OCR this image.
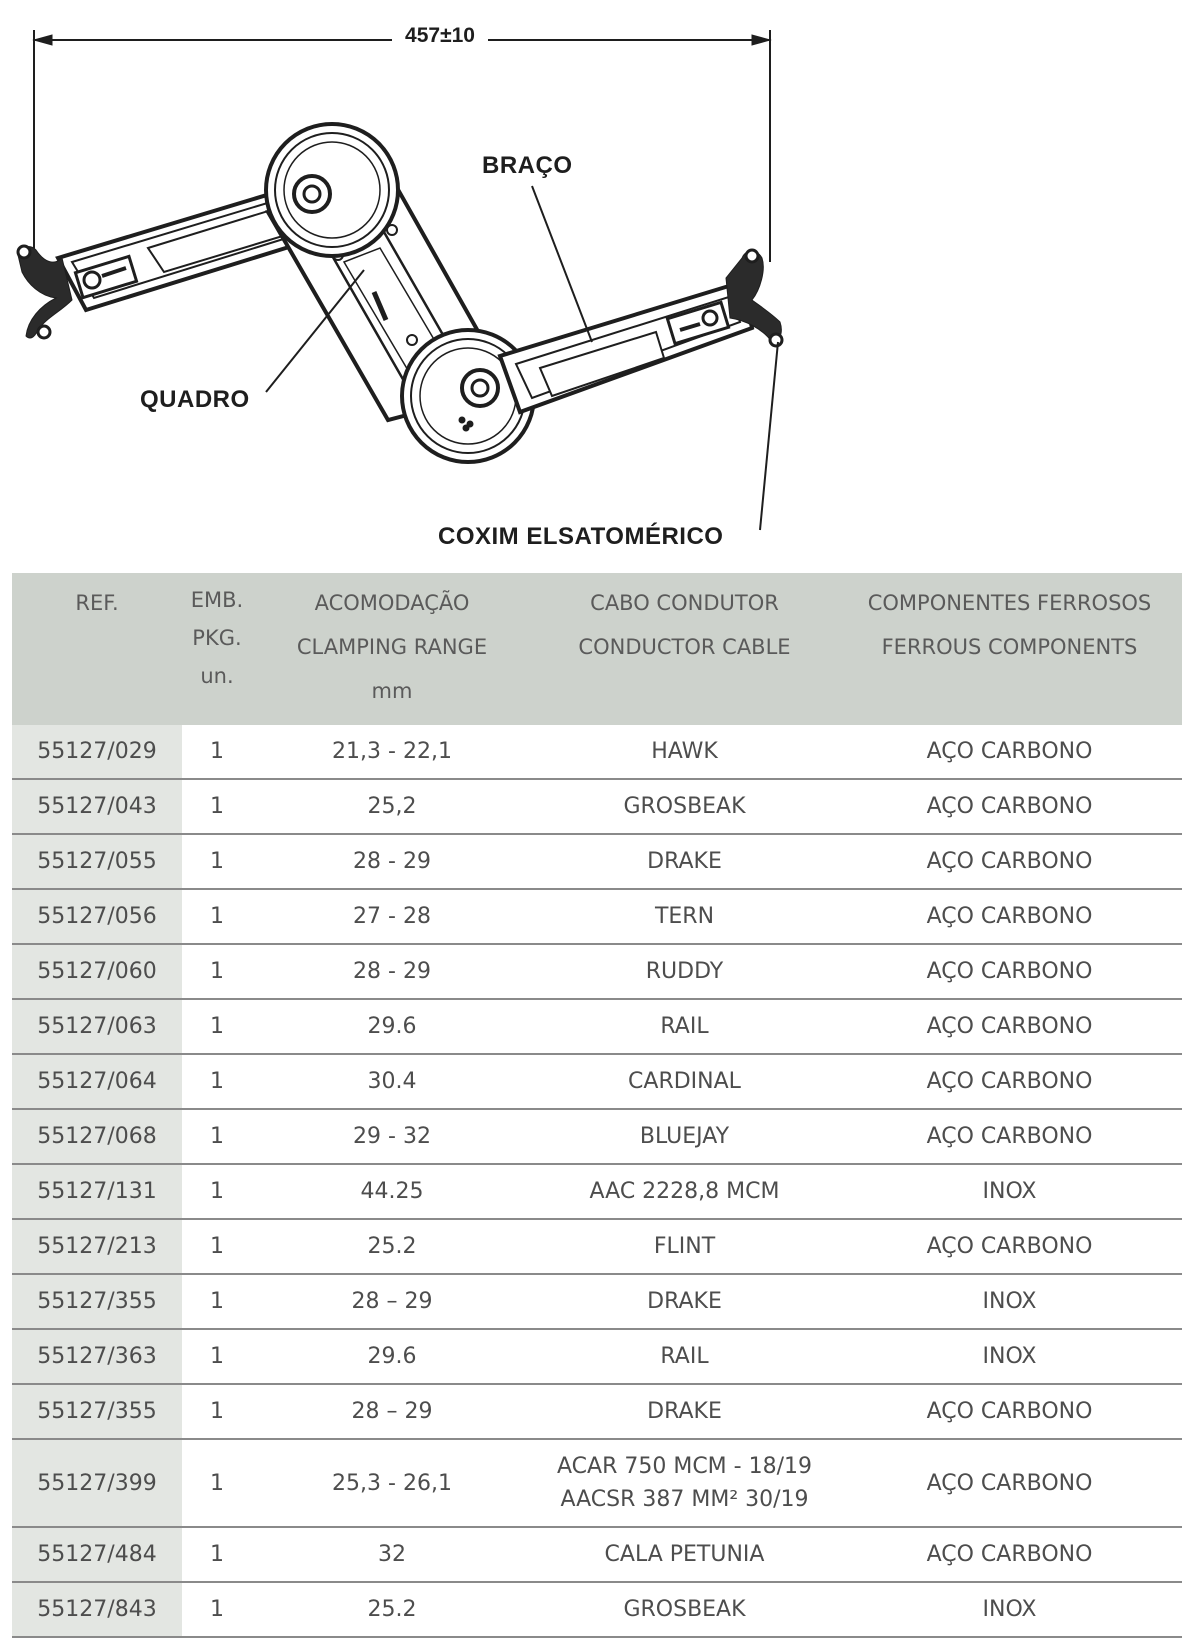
457±10
BRAÇO
QUADRO
COXIM ELSATOMÉRICO
REF.	EMB.
PKG.
un.	ACOMODAÇÃO
CLAMPING RANGE
mm	CABO CONDUTOR
CONDUCTOR CABLE	COMPONENTES FERROSOS
FERROUS COMPONENTS

55127/029	1	21,3 - 22,1	HAWK	AÇO CARBONO
55127/043	1	25,2	GROSBEAK	AÇO CARBONO
55127/055	1	28 - 29	DRAKE	AÇO CARBONO
55127/056	1	27 - 28	TERN	AÇO CARBONO
55127/060	1	28 - 29	RUDDY	AÇO CARBONO
55127/063	1	29.6	RAIL	AÇO CARBONO
55127/064	1	30.4	CARDINAL	AÇO CARBONO
55127/068	1	29 - 32	BLUEJAY	AÇO CARBONO
55127/131	1	44.25	AAC 2228,8 MCM	INOX
55127/213	1	25.2	FLINT	AÇO CARBONO
55127/355	1	28 – 29	DRAKE	INOX
55127/363	1	29.6	RAIL	INOX
55127/355	1	28 – 29	DRAKE	AÇO CARBONO
55127/399	1	25,3 - 26,1	ACAR 750 MCM - 18/19
AACSR 387 MM² 30/19	AÇO CARBONO
55127/484	1	32	CALA PETUNIA	AÇO CARBONO
55127/843	1	25.2	GROSBEAK	INOX
